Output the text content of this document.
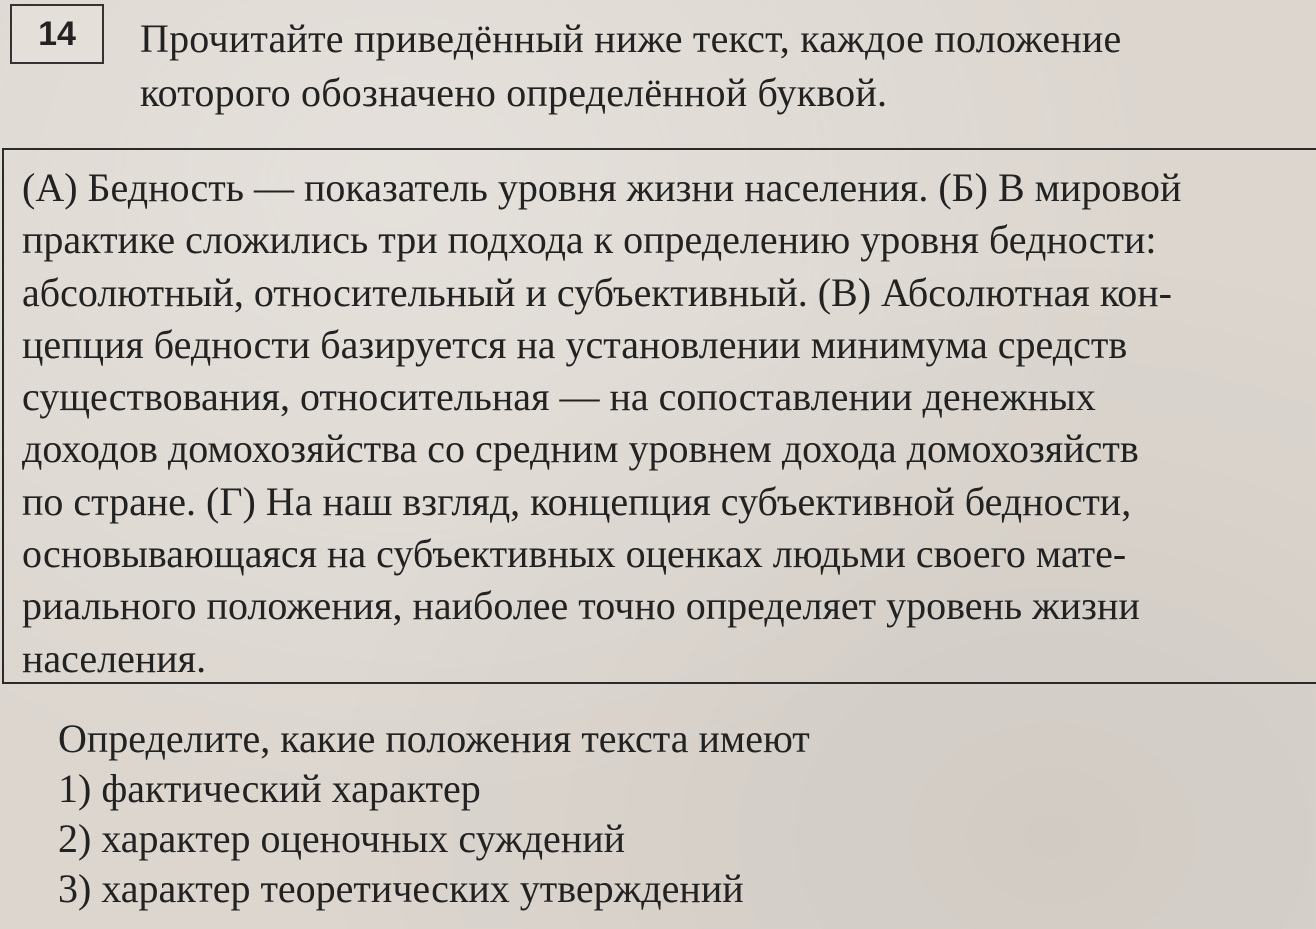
14	Прочитайте приведённый ниже текст, каждое положение
которого обозначено определённой буквой.

(А) Бедность — показатель уровня жизни населения. (Б) В мировой
практике сложились три подхода к определению уровня бедности:
абсолютный, относительный и субъективный. (В) Абсолютная кон-
цепция бедности базируется на установлении минимума средств
существования, относительная — на сопоставлении денежных
доходов домохозяйства со средним уровнем дохода домохозяйств
по стране. (Г) На наш взгляд, концепция субъективной бедности,
основывающаяся на субъективных оценках людьми своего мате-
риального положения, наиболее точно определяет уровень жизни
населения.

Определите, какие положения текста имеют

1) фактический характер
2) характер оценочных суждений
3) характер теоретических утверждений
